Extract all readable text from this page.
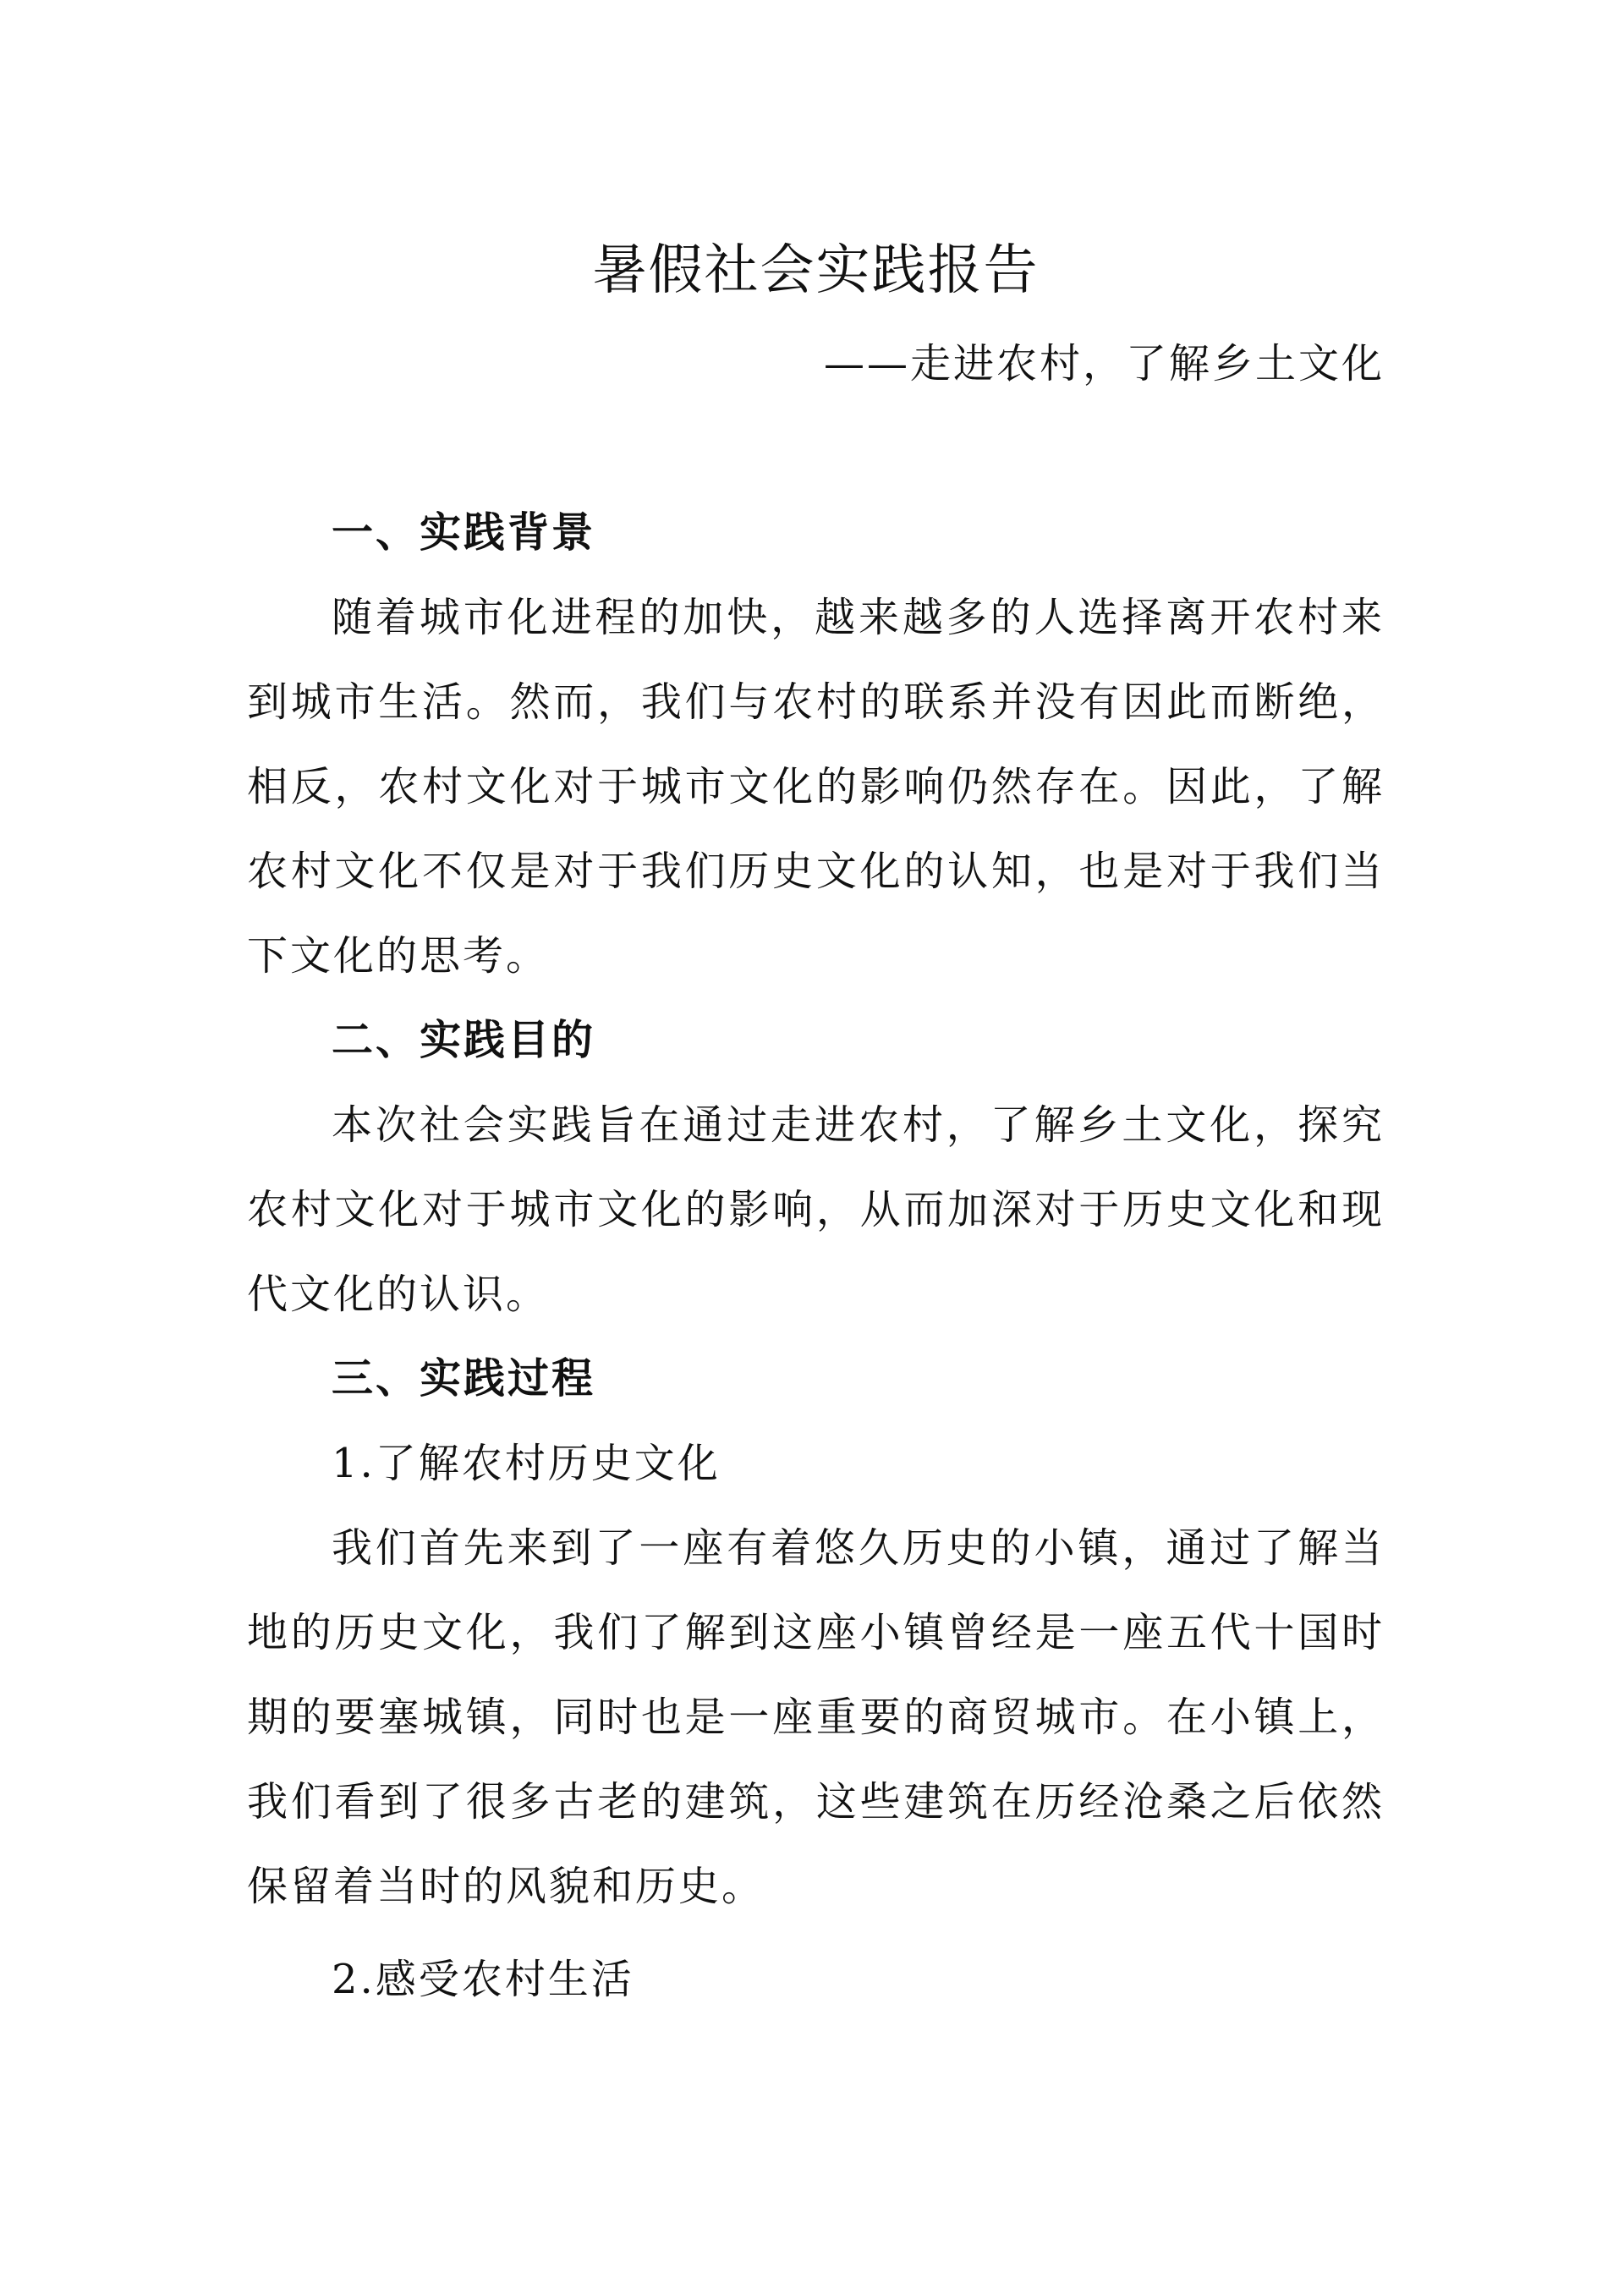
暑假社会实践报告

——走进农村，了解乡土文化

一、实践背景

随着城市化进程的加快，越来越多的人选择离开农村来到城市生活。然而，我们与农村的联系并没有因此而断绝，相反，农村文化对于城市文化的影响仍然存在。因此，了解农村文化不仅是对于我们历史文化的认知，也是对于我们当下文化的思考。

二、实践目的

本次社会实践旨在通过走进农村，了解乡土文化，探究农村文化对于城市文化的影响，从而加深对于历史文化和现代文化的认识。

三、实践过程

1.了解农村历史文化

我们首先来到了一座有着悠久历史的小镇，通过了解当地的历史文化，我们了解到这座小镇曾经是一座五代十国时期的要塞城镇，同时也是一座重要的商贸城市。在小镇上，我们看到了很多古老的建筑，这些建筑在历经沧桑之后依然保留着当时的风貌和历史。

2.感受农村生活
